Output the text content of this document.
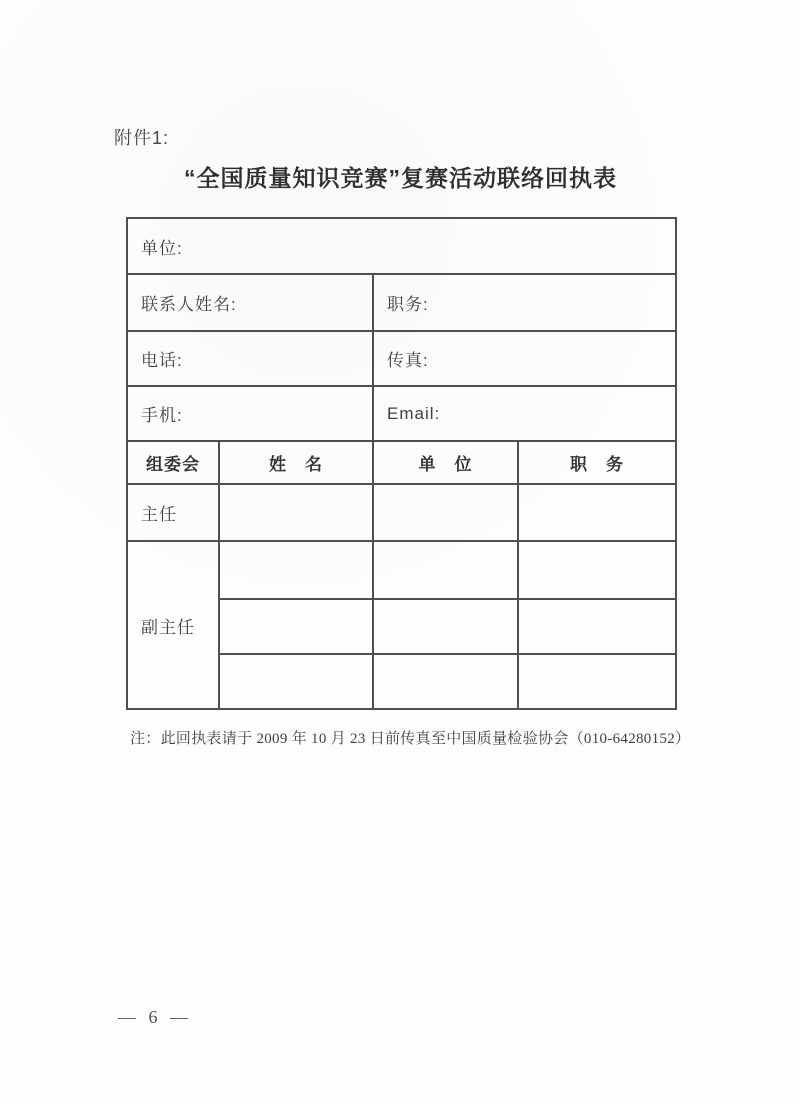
附件1:
“全国质量知识竞赛”复赛活动联络回执表
单位:			
联系人姓名:		职务:	
电话:		传真:	
手机:		Email:	
组委会	姓　名	单　位	职　务
主任			
副主任			

注：此回执表请于 2009 年 10 月 23 日前传真至中国质量检验协会（010-64280152）
— 6 —
